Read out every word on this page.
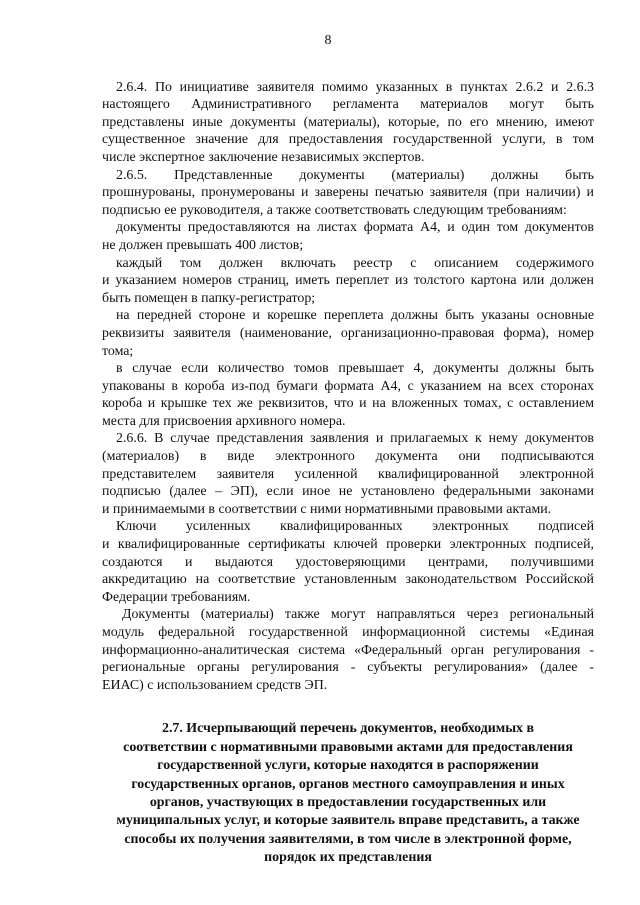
8
2.6.4. По инициативе заявителя помимо указанных в пунктах 2.6.2 и 2.6.3
настоящего Административного регламента материалов могут быть
представлены иные документы (материалы), которые, по его мнению, имеют
существенное значение для предоставления государственной услуги, в том
числе экспертное заключение независимых экспертов.
2.6.5. Представленные документы (материалы) должны быть
прошнурованы, пронумерованы и заверены печатью заявителя (при наличии) и
подписью ее руководителя, а также соответствовать следующим требованиям:
документы предоставляются на листах формата А4, и один том документов
не должен превышать 400 листов;
каждый том должен включать реестр с описанием содержимого
и указанием номеров страниц, иметь переплет из толстого картона или должен
быть помещен в папку-регистратор;
на передней стороне и корешке переплета должны быть указаны основные
реквизиты заявителя (наименование, организационно-правовая форма), номер
тома;
в случае если количество томов превышает 4, документы должны быть
упакованы в короба из-под бумаги формата А4, с указанием на всех сторонах
короба и крышке тех же реквизитов, что и на вложенных томах, с оставлением
места для присвоения архивного номера.
2.6.6. В случае представления заявления и прилагаемых к нему документов
(материалов) в виде электронного документа они подписываются
представителем заявителя усиленной квалифицированной электронной
подписью (далее – ЭП), если иное не установлено федеральными законами
и принимаемыми в соответствии с ними нормативными правовыми актами.
Ключи усиленных квалифицированных электронных подписей
и квалифицированные сертификаты ключей проверки электронных подписей,
создаются и выдаются удостоверяющими центрами, получившими
аккредитацию на соответствие установленным законодательством Российской
Федерации требованиям.
Документы (материалы) также могут направляться через региональный
модуль федеральной государственной информационной системы «Единая
информационно-аналитическая система «Федеральный орган регулирования -
региональные органы регулирования - субъекты регулирования» (далее -
ЕИАС) с использованием средств ЭП.
2.7. Исчерпывающий перечень документов, необходимых в
соответствии с нормативными правовыми актами для предоставления
государственной услуги, которые находятся в распоряжении
государственных органов, органов местного самоуправления и иных
органов, участвующих в предоставлении государственных или
муниципальных услуг, и которые заявитель вправе представить, а также
способы их получения заявителями, в том числе в электронной форме,
порядок их представления
